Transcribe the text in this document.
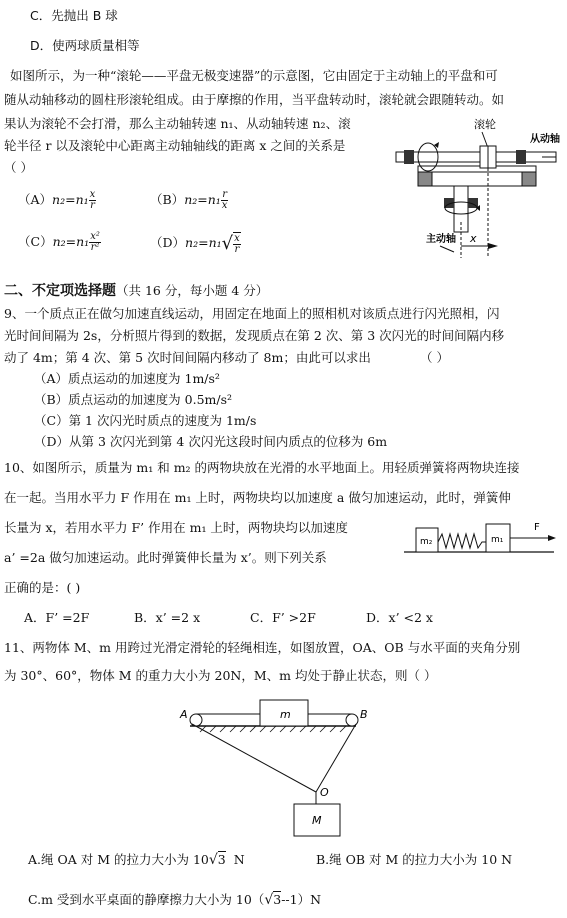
C．先抛出 B 球
D．使两球质量相等
如图所示，为一种“滚轮——平盘无极变速器”的示意图，它由固定于主动轴上的平盘和可
随从动轴移动的圆柱形滚轮组成。由于摩擦的作用，当平盘转动时，滚轮就会跟随转动。如
果认为滚轮不会打滑，那么主动轴转速 n₁、从动轴转速 n₂、滚
轮半径 r 以及滚轮中心距离主动轴轴线的距离 x 之间的关系是
（ ）
$(A)n_2=n_1 \frac{x}{r}$	$(B)n_2=n_1 \frac{r}{x}$
$(C)n_2=n_1 \frac{\text{x²}}{\text{r²}}$	$(D)n_2=n_1√ \frac{x}{r}$
滚轮
从动轴
x
主动轴
二、不定项选择题（共 16 分，每小题 4 分）
9、一个质点正在做匀加速直线运动，用固定在地面上的照相机对该质点进行闪光照相，闪
光时间间隔为 2s，分析照片得到的数据，发现质点在第 2 次、第 3 次闪光的时间间隔内移
动了 4m；第 4 次、第 5 次时间间隔内移动了 8m；由此可以求出	（ ）
（A）质点运动的加速度为 1m/s²
（B）质点运动的加速度为 0.5m/s²
（C）第 1 次闪光时质点的速度为 1m/s
（D）从第 3 次闪光到第 4 次闪光这段时间内质点的位移为 6m
10、如图所示，质量为 m₁ 和 m₂ 的两物块放在光滑的水平地面上。用轻质弹簧将两物块连接
在一起。当用水平力 F 作用在 m₁ 上时，两物块均以加速度 a 做匀加速运动，此时，弹簧伸
长量为 x，若用水平力 F’ 作用在 m₁ 上时，两物块均以加速度
a’ =2a 做匀加速运动。此时弹簧伸长量为 x’。则下列关系
正确的是：( )
A．F’ =2F	B．x’ =2 x	C．F’ >2F	D．x’ <2 x
m₂	m₁
F
11、两物体 M、m 用跨过光滑定滑轮的轻绳相连，如图放置，OA、OB 与水平面的夹角分别
为 30°、60°，物体 M 的重力大小为 20N，M、m 均处于静止状态，则（ ）
m
A	B
O
M
A.绳 OA 对 M 的拉力大小为 10√3 N	B.绳 OB 对 M 的拉力大小为 10 N
C.m 受到水平桌面的静摩擦力大小为 10（√3--1）N
